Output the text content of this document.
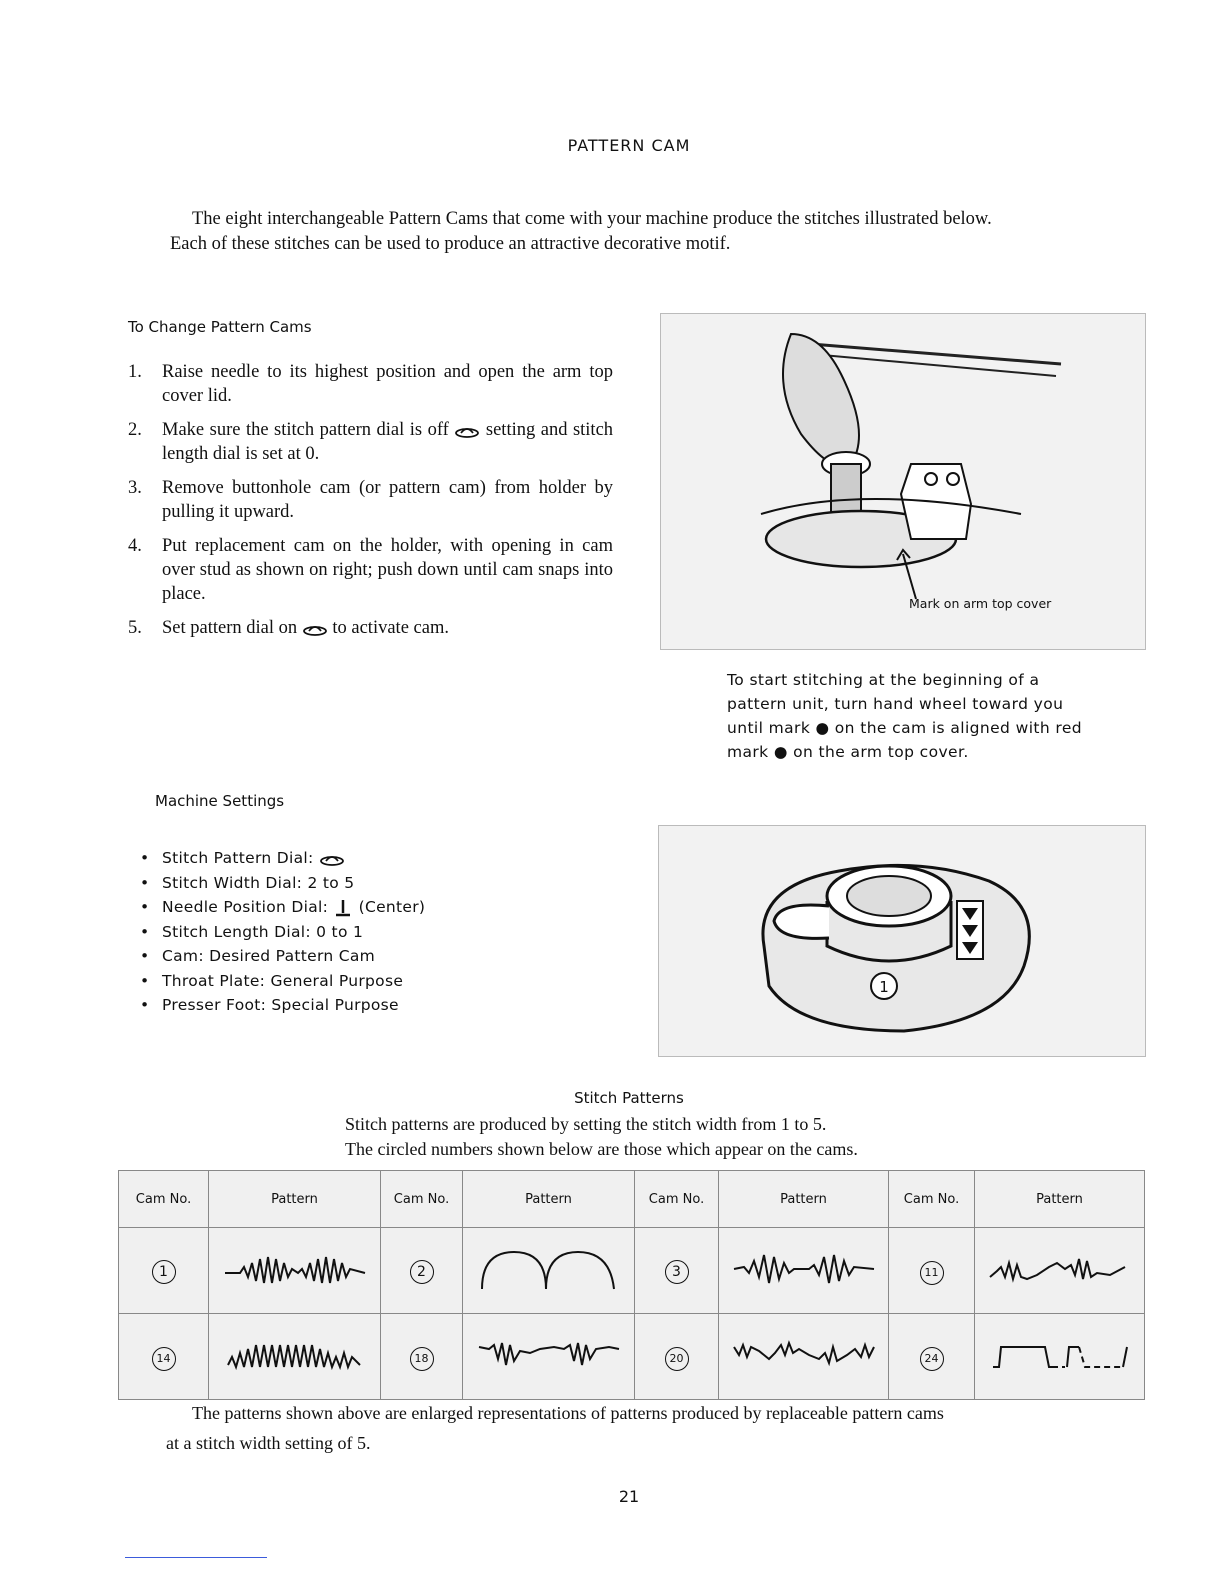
PATTERN CAM
The eight interchangeable Pattern Cams that come with your machine produce the stitches illustrated below.
Each of these stitches can be used to produce an attractive decorative motif.
To Change Pattern Cams
1. Raise needle to its highest position and open the arm top cover lid.
2. Make sure the stitch pattern dial is off setting and stitch length dial is set at 0.
3. Remove buttonhole cam (or pattern cam) from holder by pulling it upward.
4. Put replacement cam on the holder, with opening in cam over stud as shown on right; push down until cam snaps into place.
5. Set pattern dial on to activate cam.
Mark on arm top cover
To start stitching at the beginning of a pattern unit, turn hand wheel toward you until mark ● on the cam is aligned with red mark ● on the arm top cover.
Machine Settings
• Stitch Pattern Dial:
• Stitch Width Dial: 2 to 5
• Needle Position Dial: (Center)
• Stitch Length Dial: 0 to 1
• Cam: Desired Pattern Cam
• Throat Plate: General Purpose
• Presser Foot: Special Purpose
1
Stitch Patterns
Stitch patterns are produced by setting the stitch width from 1 to 5.
The circled numbers shown below are those which appear on the cams.
Cam No.	Pattern	Cam No.	Pattern	Cam No.	Pattern	Cam No.	Pattern
1		2		3		11	
14		18		20		24	
The patterns shown above are enlarged representations of patterns produced by replaceable pattern cams
at a stitch width setting of 5.
21
